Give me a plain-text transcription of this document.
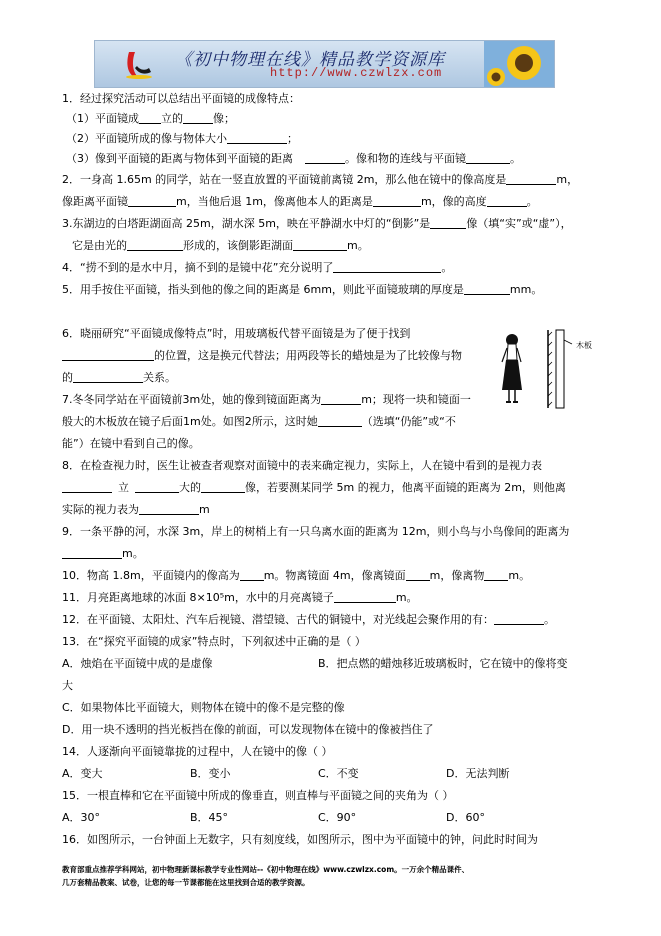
《初中物理在线》精品教学资源库
http://www.czwlzx.com
1．经过探究活动可以总结出平面镜的成像特点：
（1）平面镜成 立的	像；
（2）平面镜所成的像与物体大小	；
（3）像到平面镜的距离与物体到平面镜的距离	。像和物的连线与平面镜	。
2．一身高 1.65m 的同学，站在一竖直放置的平面镜前离镜 2m，那么他在镜中的像高度是	m，
像距离平面镜	m，当他后退 1m，像离他本人的距离是	m，像的高度	。
3.东湖边的白塔距湖面高 25m，湖水深 5m，映在平静湖水中灯的“倒影”是	像（填“实”或“虚”），
它是由光的	形成的，该倒影距湖面	m。
4．“捞不到的是水中月，摘不到的是镜中花”充分说明了	。
5．用手按住平面镜，指头到他的像之间的距离是 6mm，则此平面镜玻璃的厚度是	mm。
6．晓丽研究“平面镜成像特点”时，用玻璃板代替平面镜是为了便于找到
的位置，这是换元代替法；用两段等长的蜡烛是为了比较像与物
的	关系。
7.冬冬同学站在平面镜前3m处，她的像到镜面距离为	m；现将一块和镜面一
般大的木板放在镜子后面1m处。如图2所示，这时她	（选填“仍能”或“不
能”）在镜中看到自己的像。
8．在检查视力时，医生让被查者观察对面镜中的表来确定视力，实际上，人在镜中看到的是视力表
立	大的	像，若要测某同学 5m 的视力，他离平面镜的距离为 2m，则他离
实际的视力表为	m
9．一条平静的河，水深 3m，岸上的树梢上有一只乌离水面的距离为 12m，则小鸟与小鸟像间的距离为
m。
10．物高 1.8m，平面镜内的像高为 m。物离镜面 4m，像离镜面 m，像离物 m。
11．月亮距离地球的冰面 8×10⁵m，水中的月亮离镜子	m。
12．在平面镜、太阳灶、汽车后视镜、潜望镜、古代的铜镜中，对光线起会聚作用的有：	。
13．在“探究平面镜的成家”特点时，下列叙述中正确的是（ ）
A．烛焰在平面镜中成的是虚像	B．把点燃的蜡烛移近玻璃板时，它在镜中的像将变
大
C．如果物体比平面镜大，则物体在镜中的像不是完整的像
D．用一块不透明的挡光板挡在像的前面，可以发现物体在镜中的像被挡住了
14．人逐渐向平面镜靠拢的过程中，人在镜中的像（ ）
A．变大	B．变小	C．不变	D．无法判断
15．一根直棒和它在平面镜中所成的像垂直，则直棒与平面镜之间的夹角为（ ）
A．30°	B．45°	C．90°	D．60°
16．如图所示，一台钟面上无数字，只有刻度线，如图所示，图中为平面镜中的钟，问此时时间为
木板
教育部重点推荐学科网站，初中物理新课标教学专业性网站--《初中物理在线》www.czwlzx.com。一万余个精品课件、
几万套精品教案、试卷，让您的每一节课都能在这里找到合适的教学资源。
